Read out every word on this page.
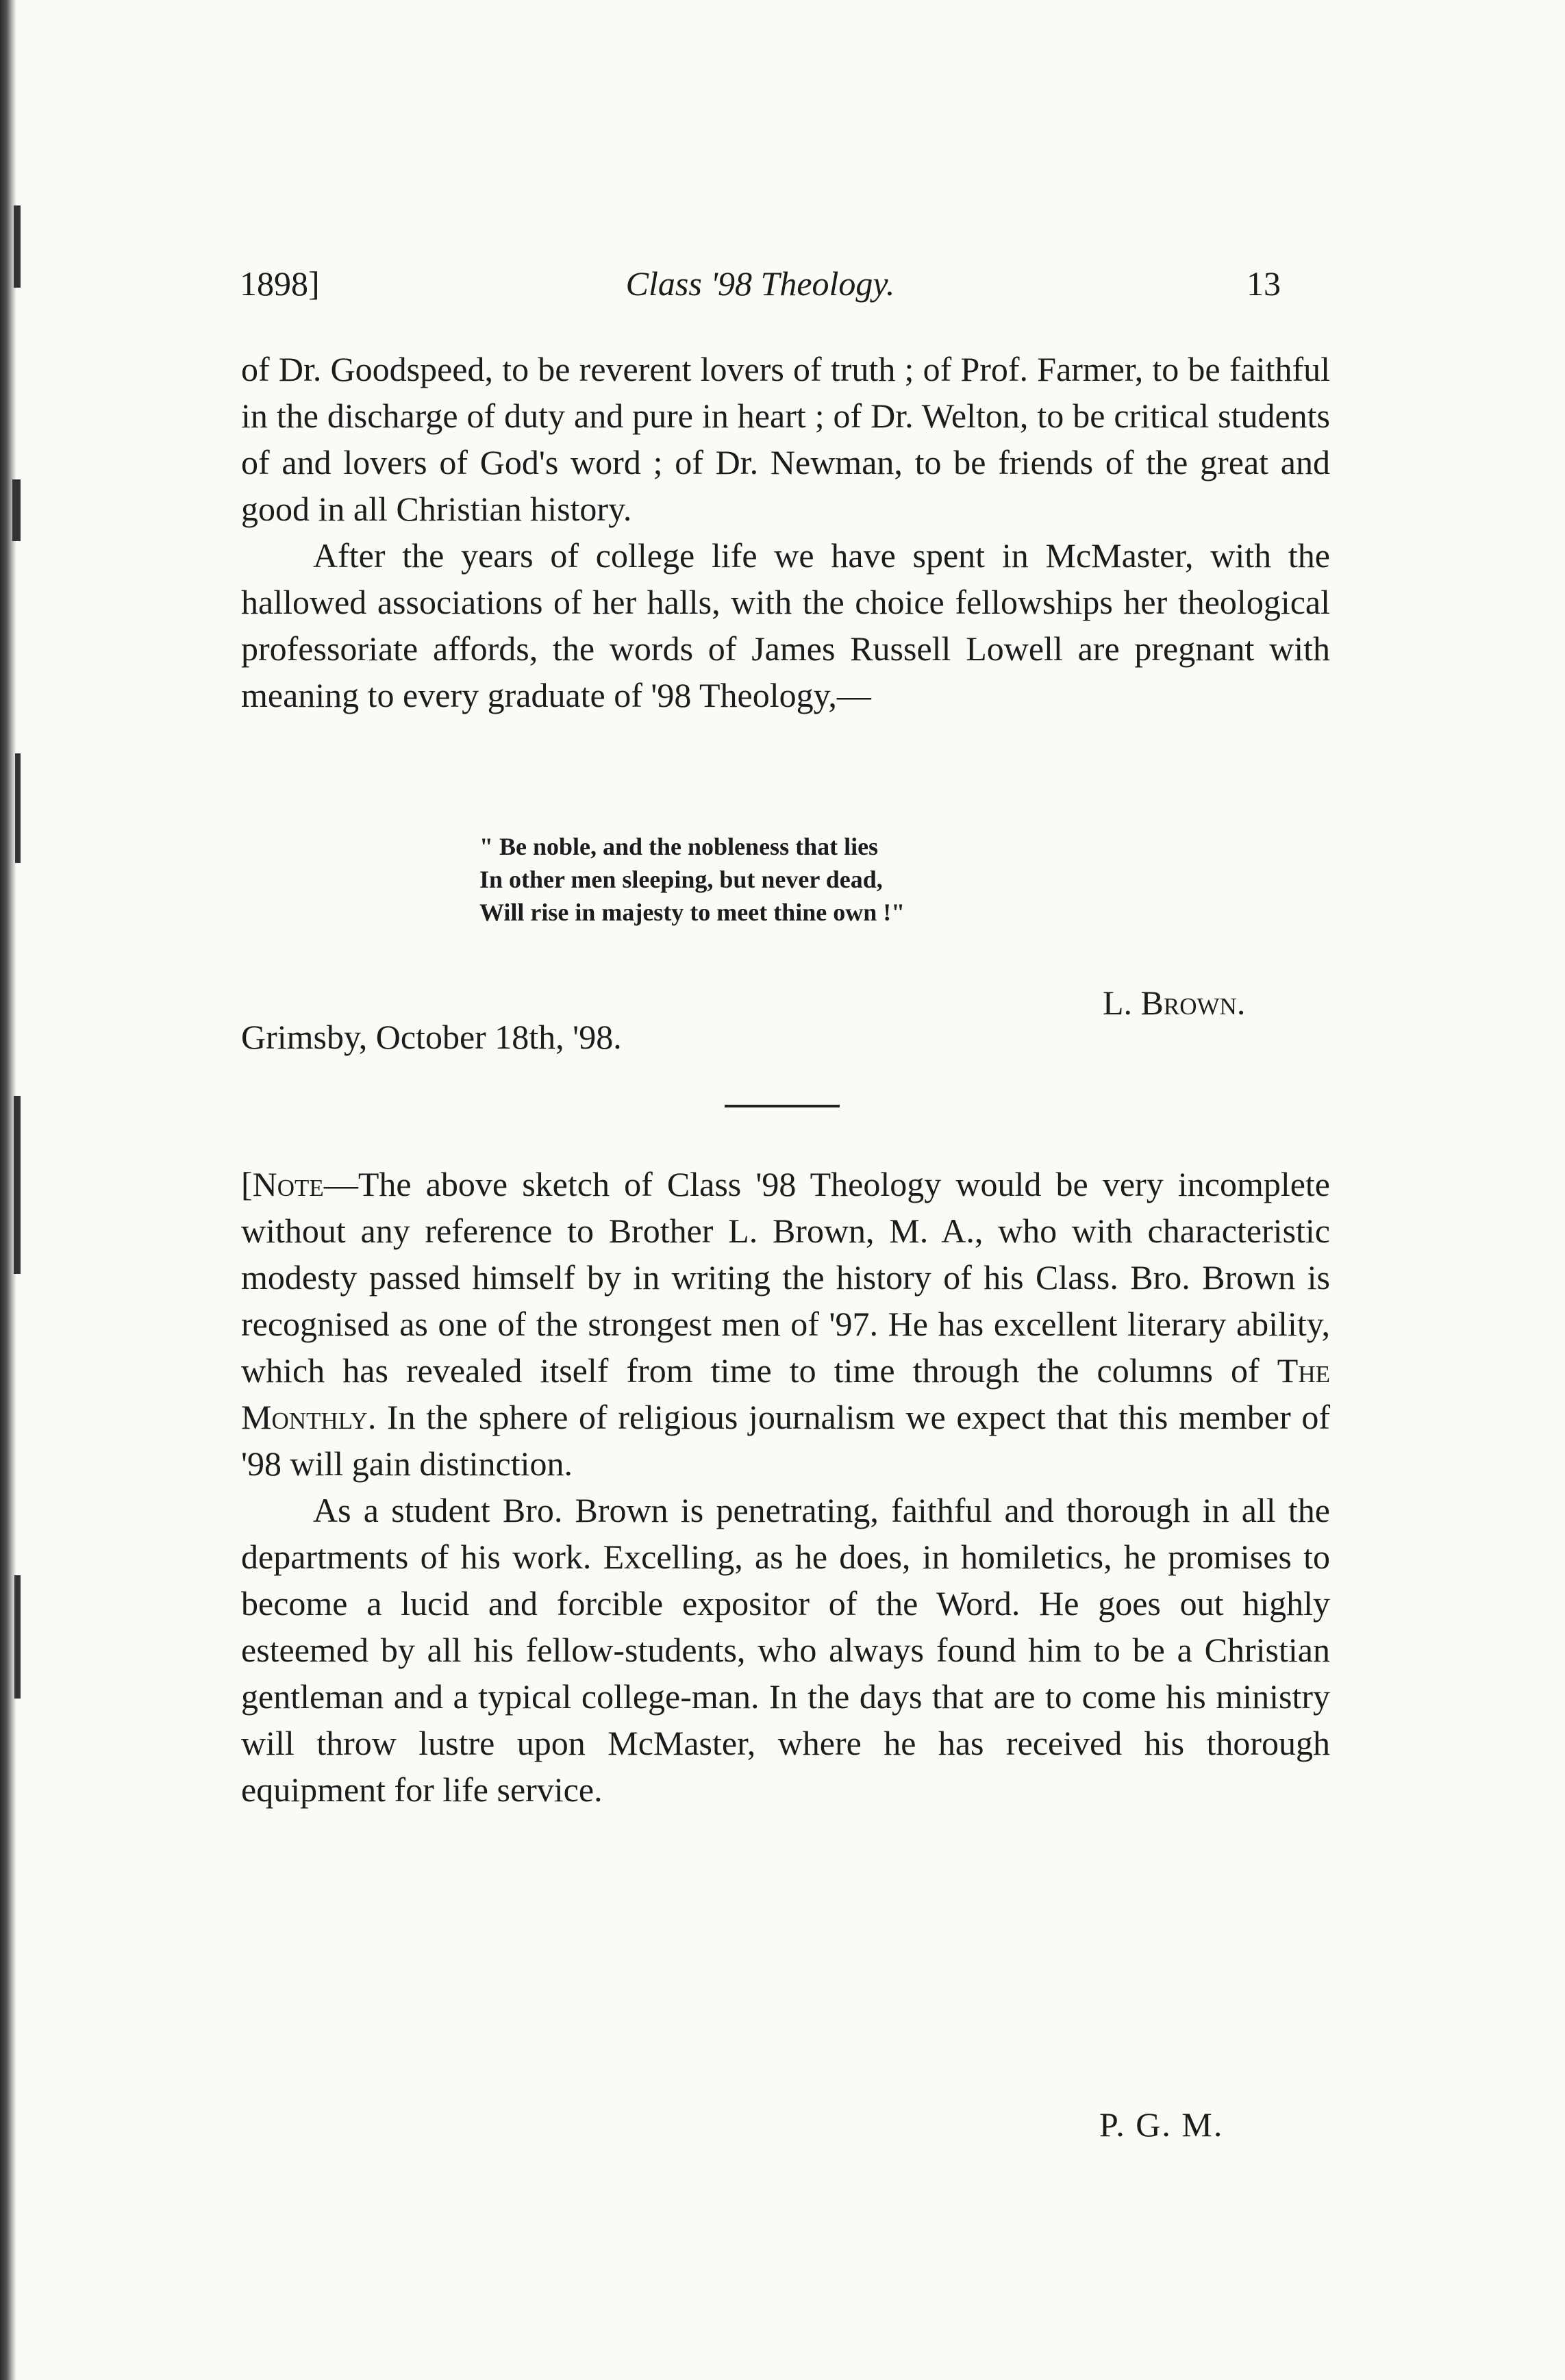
1898]	Class '98 Theology.	13

of Dr. Goodspeed, to be reverent lovers of truth ; of Prof. Farmer, to be faithful in the discharge of duty and pure in heart ; of Dr. Welton, to be critical students of and lovers of God's word ; of Dr. Newman, to be friends of the great and good in all Christian history.

After the years of college life we have spent in McMaster, with the hallowed associations of her halls, with the choice fellowships her theological professoriate affords, the words of James Russell Lowell are pregnant with meaning to every graduate of '98 Theology,—

" Be noble, and the nobleness that lies
In other men sleeping, but never dead,
Will rise in majesty to meet thine own !"
L. Brown.
Grimsby, October 18th, '98.

[Note—The above sketch of Class '98 Theology would be very incomplete without any reference to Brother L. Brown, M. A., who with characteristic modesty passed himself by in writing the history of his Class. Bro. Brown is recognised as one of the strongest men of '97. He has excellent literary ability, which has revealed itself from time to time through the columns of The Monthly. In the sphere of religious journalism we expect that this member of '98 will gain distinction.

As a student Bro. Brown is penetrating, faithful and thorough in all the departments of his work. Excelling, as he does, in homiletics, he promises to become a lucid and forcible expositor of the Word. He goes out highly esteemed by all his fellow-students, who always found him to be a Christian gentleman and a typical college-man. In the days that are to come his ministry will throw lustre upon McMaster, where he has received his thorough equipment for life service.

P. G. M.
